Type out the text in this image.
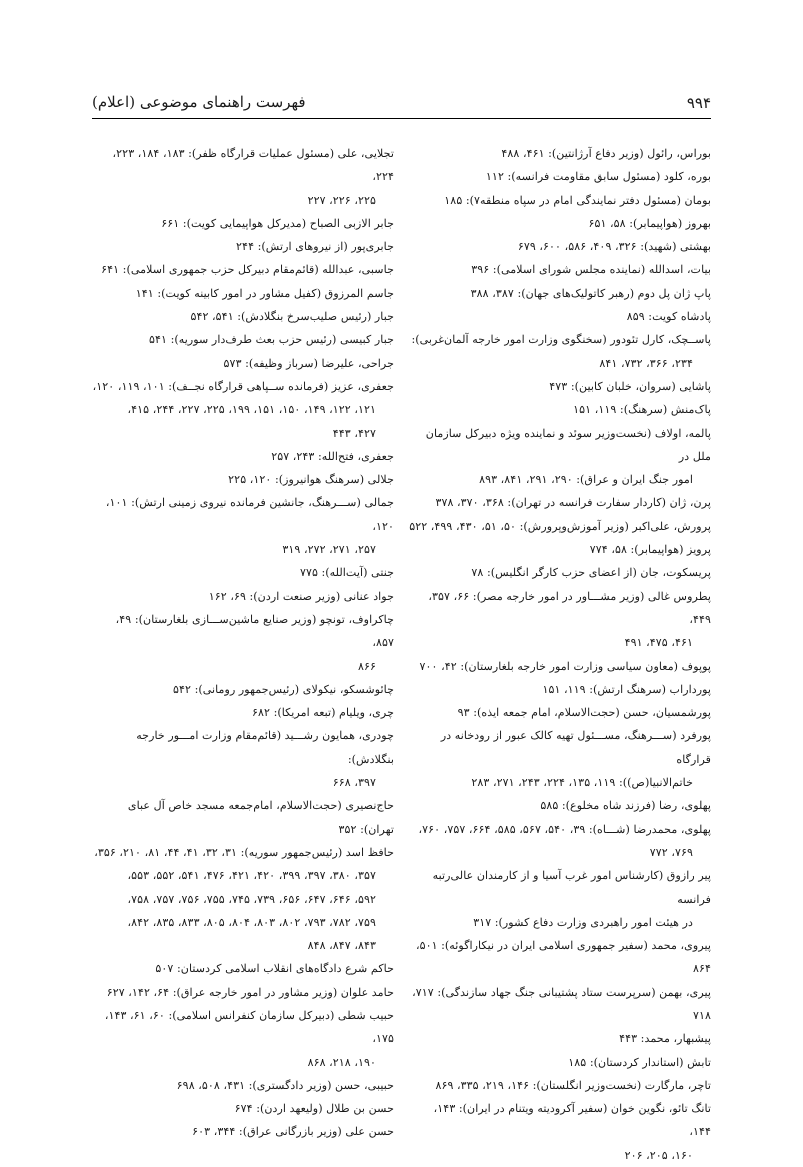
۹۹۴
فهرست راهنمای موضوعی (اعلام)
بوراس، رائول (وزیر دفاع آرژانتین): ۴۶۱، ۴۸۸
بوره، کلود (مسئول سابق مقاومت فرانسه): ۱۱۲
بومان (مسئول دفتر نمایندگی امام در سپاه منطقه۷): ۱۸۵
بهروز (هواپیمابر): ۵۸، ۶۵۱
بهشتی (شهید): ۳۲۶، ۴۰۹، ۵۸۶، ۶۰۰، ۶۷۹
بیات، اسدالله (نماینده مجلس شورای اسلامی): ۳۹۶
پاپ ژان پل دوم (رهبر کاتولیک‌های جهان): ۳۸۷، ۳۸۸
پادشاه کویت: ۸۵۹
پاســچک، کارل تئودور (سخنگوی وزارت امور خارجه آلمان‌غربی):
۲۳۴، ۳۶۶، ۷۳۲، ۸۴۱
پاشایی (سروان، خلبان کابین): ۴۷۳
پاک‌منش (سرهنگ): ۱۱۹، ۱۵۱
پالمه، اولاف (نخست‌وزیر سوئد و نماینده ویژه دبیرکل سازمان ملل در
امور جنگ ایران و عراق): ۲۹۰، ۲۹۱، ۸۴۱، ۸۹۳
پرن، ژان (کاردار سفارت فرانسه در تهران): ۳۶۸، ۳۷۰، ۳۷۸
پرورش، علی‌اکبر (وزیر آموزش‌وپرورش): ۵۰، ۵۱، ۴۳۰، ۴۹۹، ۵۲۲
پرویز (هواپیمابر): ۵۸، ۷۷۴
پریسکوت، جان (از اعضای حزب کارگر انگلیس): ۷۸
پطروس غالی (وزیر مشـــاور در امور خارجه مصر): ۶۶، ۳۵۷، ۴۴۹،
۴۶۱، ۴۷۵، ۴۹۱
پوپوف (معاون سیاسی وزارت امور خارجه بلغارستان): ۴۲، ۷۰۰
پورداراب (سرهنگ ارتش): ۱۱۹، ۱۵۱
پورشمسیان، حسن (حجت‌الاسلام، امام جمعه ایذه): ۹۳
پورفرد (ســـرهنگ، مســـئول تهیه کالک عبور از رودخانه در قرارگاه
خاتم‌الانبیا(ص)): ۱۱۹، ۱۳۵، ۲۲۴، ۲۴۳، ۲۷۱، ۲۸۳
پهلوی، رضا (فرزند شاه مخلوع): ۵۸۵
پهلوی، محمدرضا (شـــاه): ۳۹، ۵۴۰، ۵۶۷، ۵۸۵، ۶۶۴، ۷۵۷، ۷۶۰،
۷۶۹، ۷۷۲
پیر رازوق (کارشناس امور غرب آسیا و از کارمندان عالی‌رتبه فرانسه
در هیئت امور راهبردی وزارت دفاع کشور): ۳۱۷
پیروی، محمد (سفیر جمهوری اسلامی ایران در نیکاراگوئه): ۵۰۱، ۸۶۴
پیری، بهمن (سرپرست ستاد پشتیبانی جنگ جهاد سازندگی): ۷۱۷، ۷۱۸
پیشبهار، محمد: ۴۴۳
تابش (استاندار کردستان): ۱۸۵
تاچر، مارگارت (نخست‌وزیر انگلستان): ۱۴۶، ۲۱۹، ۳۳۵، ۸۶۹
تانگ تائو، نگوین خوان (سفیر آکرودیته ویتنام در ایران): ۱۴۳، ۱۴۴،
۱۶۰، ۲۰۵، ۲۰۶
تجلایی، علی (مسئول عملیات قرارگاه ظفر): ۱۸۳، ۱۸۴، ۲۲۳، ۲۲۴،
۲۲۵، ۲۲۶، ۲۲۷
جابر الازبی الصباح (مدیرکل هواپیمایی کویت): ۶۶۱
جابری‌پور (از نیروهای ارتش): ۲۴۴
جاسبی، عبدالله (قائم‌مقام دبیرکل حزب جمهوری اسلامی): ۶۴۱
جاسم المرزوق (کفیل مشاور در امور کابینه کویت): ۱۴۱
جبار (رئیس صلیب‌سرخ بنگلادش): ۵۴۱، ۵۴۲
جبار کبیسی (رئیس حزب بعث طرف‌دار سوریه): ۵۴۱
جراحی، علیرضا (سرباز وظیفه): ۵۷۳
جعفری، عزیز (فرمانده ســپاهی قرارگاه نجــف): ۱۰۱، ۱۱۹، ۱۲۰،
۱۲۱، ۱۲۲، ۱۴۹، ۱۵۰، ۱۵۱، ۱۹۹، ۲۲۵، ۲۲۷، ۲۴۴، ۴۱۵،
۴۲۷، ۴۴۳
جعفری، فتح‌الله: ۲۴۳، ۲۵۷
جلالی (سرهنگ هوانیروز): ۱۲۰، ۲۲۵
جمالی (ســـرهنگ، جانشین فرمانده نیروی زمینی ارتش): ۱۰۱، ۱۲۰،
۲۵۷، ۲۷۱، ۲۷۲، ۳۱۹
جنتی (آیت‌الله): ۷۷۵
جواد عنانی (وزیر صنعت اردن): ۶۹، ۱۶۲
چاکراوف، تونچو (وزیر صنایع ماشین‌ســـازی بلغارستان): ۴۹، ۸۵۷،
۸۶۶
چائوشسکو، نیکولای (رئیس‌جمهور رومانی): ۵۴۲
چری، ویلیام (تبعه امریکا): ۶۸۲
چودری، همایون رشـــید (قائم‌مقام وزارت امـــور خارجه بنگلادش):
۳۹۷، ۶۶۸
حاج‌نصیری (حجت‌الاسلام، امام‌جمعه مسجد خاص آل عبای تهران): ۳۵۲
حافظ اسد (رئیس‌جمهور سوریه): ۳۱، ۳۲، ۴۱، ۴۴، ۸۱، ۲۱۰، ۳۵۶،
۳۵۷، ۳۸۰، ۳۹۷، ۳۹۹، ۴۲۰، ۴۲۱، ۴۷۶، ۵۴۱، ۵۵۲، ۵۵۳،
۵۹۲، ۶۴۶، ۶۴۷، ۶۵۶، ۷۳۹، ۷۴۵، ۷۵۵، ۷۵۶، ۷۵۷، ۷۵۸،
۷۵۹، ۷۸۲، ۷۹۳، ۸۰۲، ۸۰۳، ۸۰۴، ۸۰۵، ۸۳۳، ۸۳۵، ۸۴۲،
۸۴۳، ۸۴۷، ۸۴۸
حاکم شرع دادگاه‌های انقلاب اسلامی کردستان: ۵۰۷
حامد علوان (وزیر مشاور در امور خارجه عراق): ۶۴، ۱۴۲، ۶۲۷
حبیب شطی (دبیرکل سازمان کنفرانس اسلامی): ۶۰، ۶۱، ۱۴۳، ۱۷۵،
۱۹۰، ۲۱۸، ۸۶۸
حبیبی، حسن (وزیر دادگستری): ۴۳۱، ۵۰۸، ۶۹۸
حسن بن طلال (ولیعهد اردن): ۶۷۴
حسن علی (وزیر بازرگانی عراق): ۳۴۴، ۶۰۳
